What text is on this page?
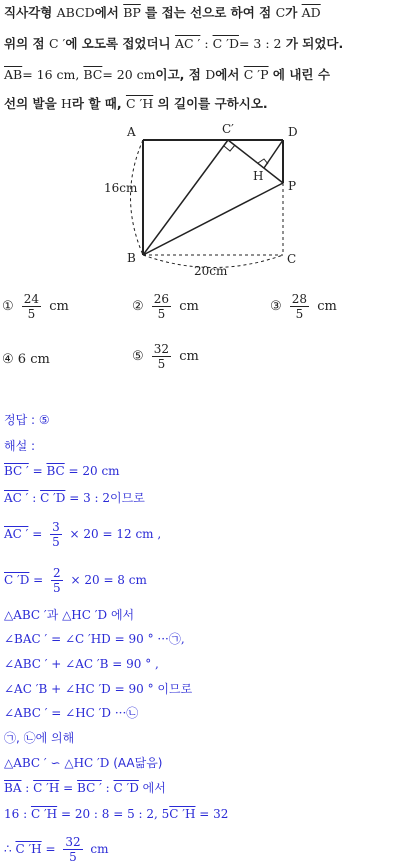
직사각형 ABCD에서 $\overline{BP}$ 를 접는 선으로 하여 점 C가 $\overline{AD}$
위의 점 C ′에 오도록 접었더니 AC ′ : C ′D= 3 : 2 가 되었다.
$\overline{AB}= 16$ cm, $\overline{BC}= 20$ cm이고, 점 D에서 C ′P 에 내린 수
선의 발을 H라 할 때, C ′H 의 길이를 구하시오.
A	C′	D
H
P
B	C
16cm
20cm
① $\frac{24}{5}$ cm	② $\frac{26}{5}$ cm	③ $\frac{28}{5}$ cm
④ 6 cm	⑤ $\frac{32}{5}$ cm
정답 : ⑤
해설 :
BC ′ = $\overline{BC} = 20$ cm
AC ′ : C ′D = 3 : 2이므로
AC ′ = $\frac{3}{5} \times 20 = 12$ cm ,
C $'D = \frac{2}{5} \times 20 = 8$ cm
△ABC ′과 △HC ′D 에서
∠BAC ′ = ∠C ′HD = 90 ° ···㉠,
∠ABC ′ + ∠AC ′B = 90 ° ,
∠AC ′B + ∠HC ′D = 90 ° 이므로
∠ABC ′ = ∠HC ′D ···㉡
㉠, ㉡에 의해
△ABC ′ ∽ △HC ′D (AA닮음)
$\overline{BA}$ : C ′H = BC ′ : C ′D 에서
16 : C ′H = 20 : 8 = 5 : 2, 5C ′H = 32
∴ C $'H = \frac{32}{5}$ cm
